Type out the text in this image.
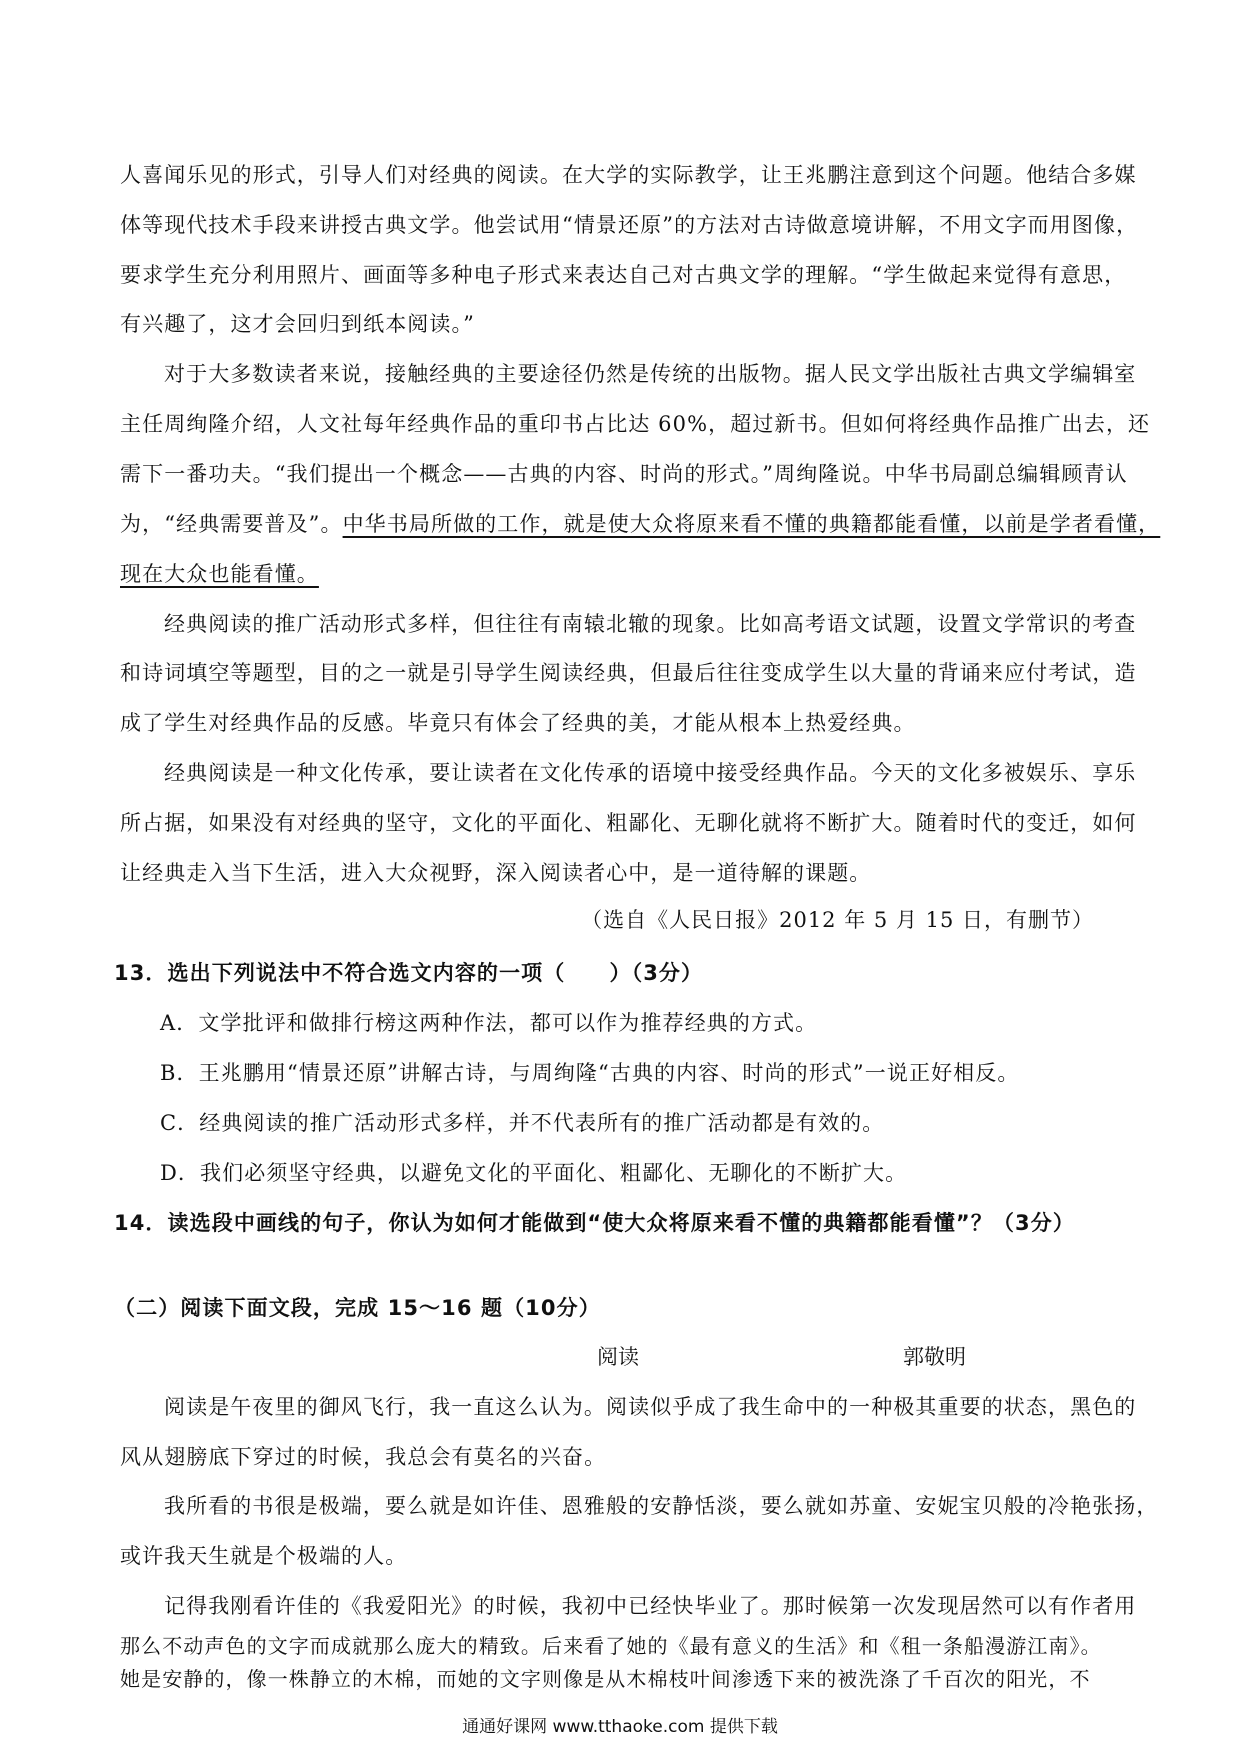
人喜闻乐见的形式，引导人们对经典的阅读。在大学的实际教学，让王兆鹏注意到这个问题。他结合多媒
体等现代技术手段来讲授古典文学。他尝试用“情景还原”的方法对古诗做意境讲解，不用文字而用图像，
要求学生充分利用照片、画面等多种电子形式来表达自己对古典文学的理解。“学生做起来觉得有意思，
有兴趣了，这才会回归到纸本阅读。”
对于大多数读者来说，接触经典的主要途径仍然是传统的出版物。据人民文学出版社古典文学编辑室
主任周绚隆介绍，人文社每年经典作品的重印书占比达 60%，超过新书。但如何将经典作品推广出去，还
需下一番功夫。“我们提出一个概念——古典的内容、时尚的形式。”周绚隆说。中华书局副总编辑顾青认
为，“经典需要普及”。中华书局所做的工作，就是使大众将原来看不懂的典籍都能看懂，以前是学者看懂，
现在大众也能看懂。
经典阅读的推广活动形式多样，但往往有南辕北辙的现象。比如高考语文试题，设置文学常识的考查
和诗词填空等题型，目的之一就是引导学生阅读经典，但最后往往变成学生以大量的背诵来应付考试，造
成了学生对经典作品的反感。毕竟只有体会了经典的美，才能从根本上热爱经典。
经典阅读是一种文化传承，要让读者在文化传承的语境中接受经典作品。今天的文化多被娱乐、享乐
所占据，如果没有对经典的坚守，文化的平面化、粗鄙化、无聊化就将不断扩大。随着时代的变迁，如何
让经典走入当下生活，进入大众视野，深入阅读者心中，是一道待解的课题。
（选自《人民日报》2012 年 5 月 15 日，有删节）
13．选出下列说法中不符合选文内容的一项（　　）（3分）
A．文学批评和做排行榜这两种作法，都可以作为推荐经典的方式。
B．王兆鹏用“情景还原”讲解古诗，与周绚隆“古典的内容、时尚的形式”一说正好相反。
C．经典阅读的推广活动形式多样，并不代表所有的推广活动都是有效的。
D．我们必须坚守经典，以避免文化的平面化、粗鄙化、无聊化的不断扩大。
14．读选段中画线的句子，你认为如何才能做到“使大众将原来看不懂的典籍都能看懂”？（3分）
（二）阅读下面文段，完成 15～16 题（10分）
阅读	郭敬明
阅读是午夜里的御风飞行，我一直这么认为。阅读似乎成了我生命中的一种极其重要的状态，黑色的
风从翅膀底下穿过的时候，我总会有莫名的兴奋。
我所看的书很是极端，要么就是如许佳、恩雅般的安静恬淡，要么就如苏童、安妮宝贝般的冷艳张扬，
或许我天生就是个极端的人。
记得我刚看许佳的《我爱阳光》的时候，我初中已经快毕业了。那时候第一次发现居然可以有作者用
通通好课网 www.tthaoke.com 提供下载
那么不动声色的文字而成就那么庞大的精致。后来看了她的《最有意义的生活》和《租一条船漫游江南》。
她是安静的，像一株静立的木棉，而她的文字则像是从木棉枝叶间渗透下来的被洗涤了千百次的阳光，不
